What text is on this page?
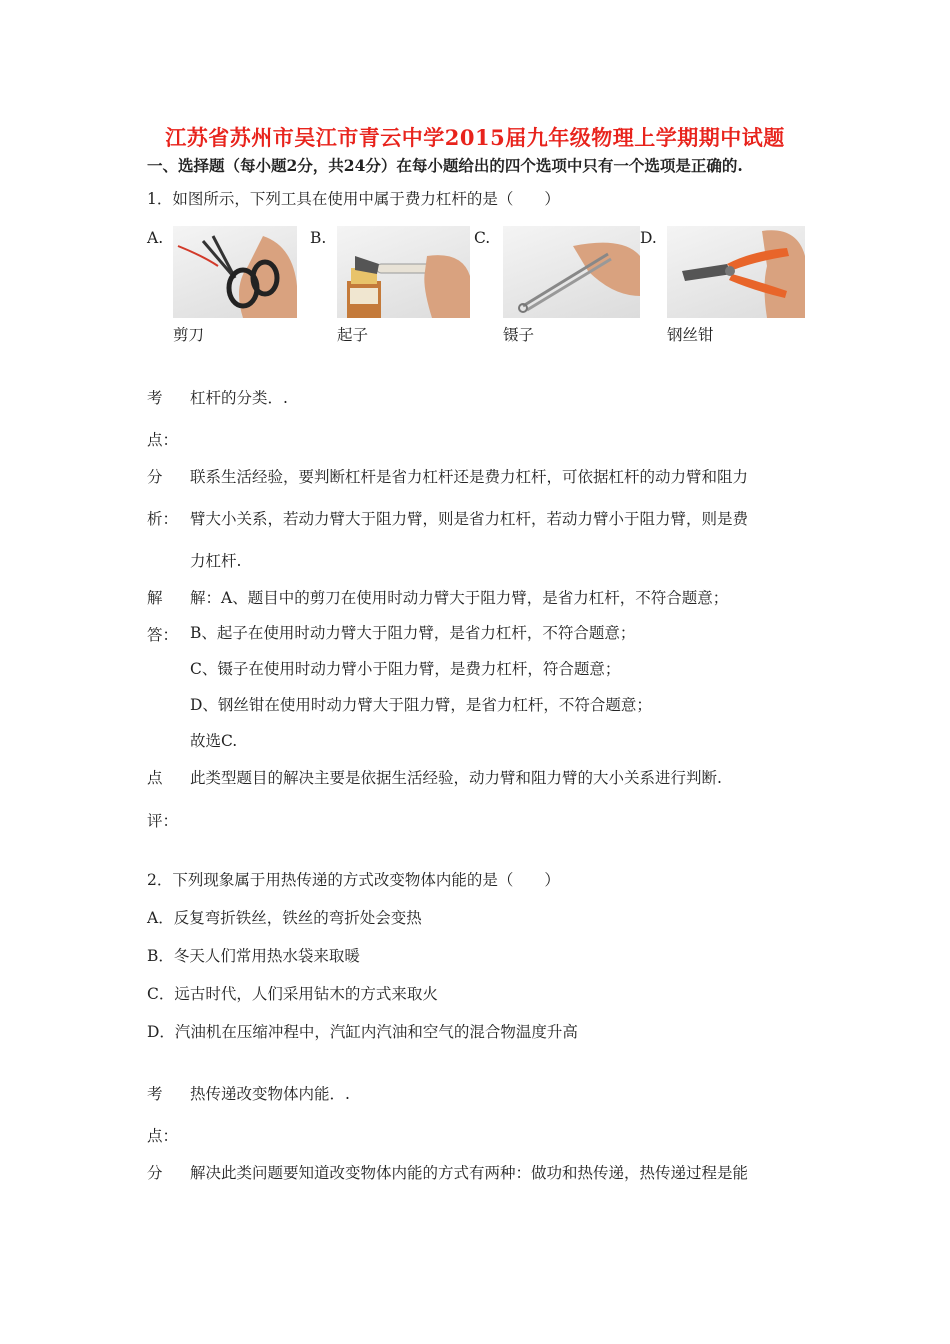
江苏省苏州市吴江市青云中学2015届九年级物理上学期期中试题
一、选择题（每小题2分，共24分）在每小题给出的四个选项中只有一个选项是正确的.
1．如图所示，下列工具在使用中属于费力杠杆的是（　　）
A.
剪刀
B.
起子
C.
镊子
D.
钢丝钳
考
点：
杠杆的分类．.
分
析：
联系生活经验，要判断杠杆是省力杠杆还是费力杠杆，可依据杠杆的动力臂和阻力
臂大小关系，若动力臂大于阻力臂，则是省力杠杆，若动力臂小于阻力臂，则是费
力杠杆.
解
答：
解：A、题目中的剪刀在使用时动力臂大于阻力臂，是省力杠杆，不符合题意；
B、起子在使用时动力臂大于阻力臂，是省力杠杆，不符合题意；
C、镊子在使用时动力臂小于阻力臂，是费力杠杆，符合题意；
D、钢丝钳在使用时动力臂大于阻力臂，是省力杠杆，不符合题意；
故选C.
点
评：
此类型题目的解决主要是依据生活经验，动力臂和阻力臂的大小关系进行判断.
2．下列现象属于用热传递的方式改变物体内能的是（　　）
A．反复弯折铁丝，铁丝的弯折处会变热
B．冬天人们常用热水袋来取暖
C．远古时代，人们采用钻木的方式来取火
D．汽油机在压缩冲程中，汽缸内汽油和空气的混合物温度升高
考
点：
热传递改变物体内能．.
分 解决此类问题要知道改变物体内能的方式有两种：做功和热传递，热传递过程是能
